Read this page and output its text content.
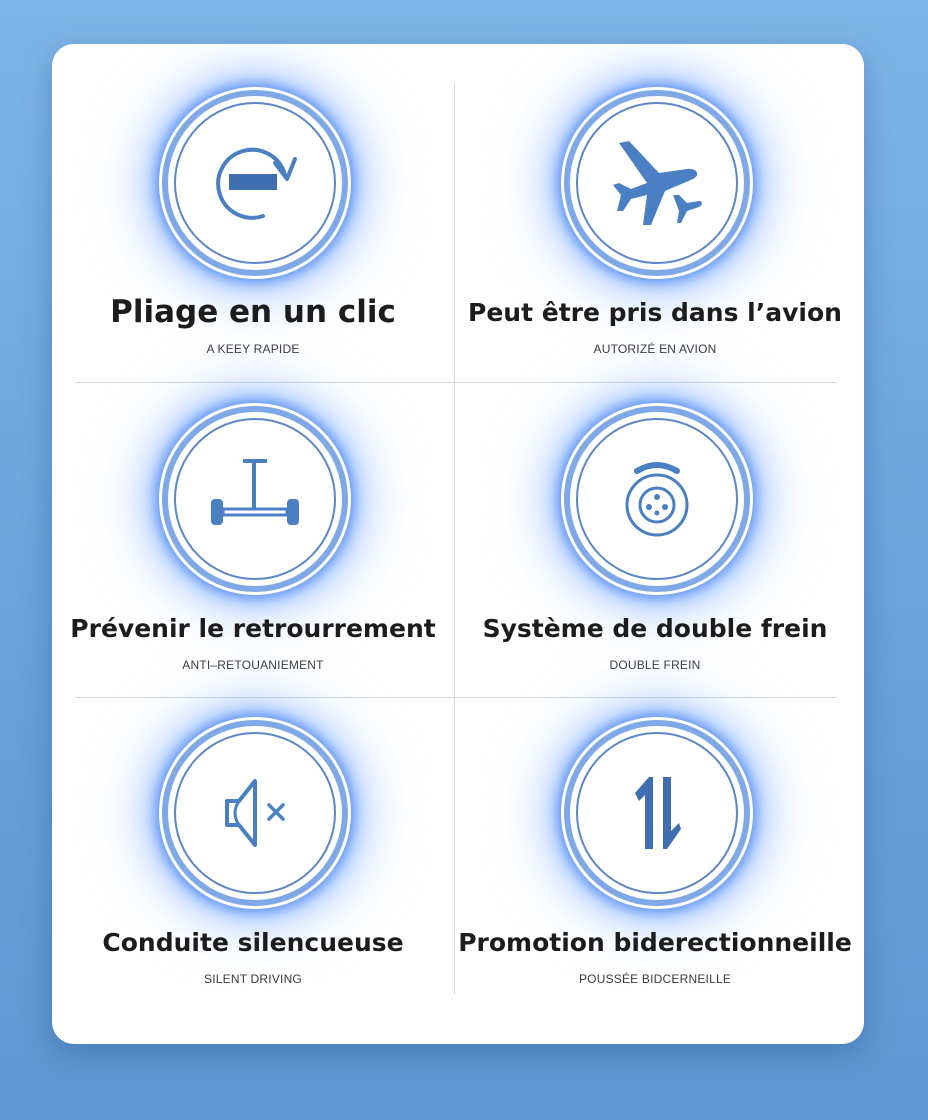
Pliage en un clic
A KEEY RAPIDE
Peut être pris dans l’avion
AUTORIZÉ EN AVION
Prévenir le retrourrement
ANTI–RETOUANIEMENT
Système de double frein
DOUBLE FREIN
Conduite silencueuse
SILENT DRIVING
Promotion biderectionneille
POUSSÉE BIDCERNEILLE
